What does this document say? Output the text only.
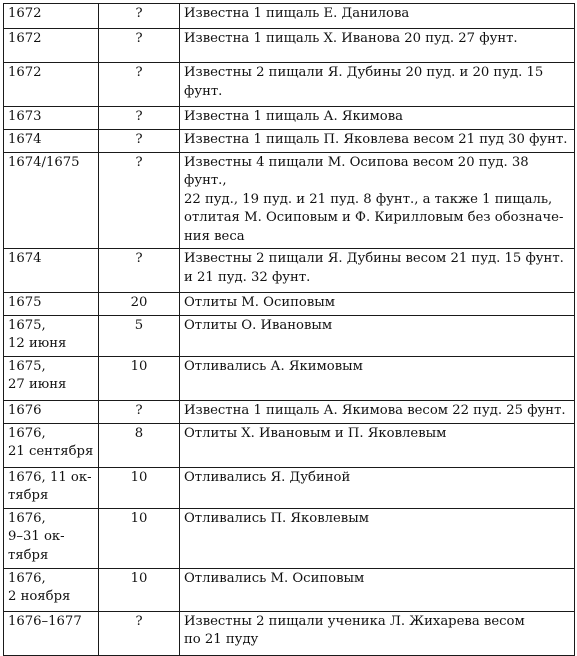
1672	?	Известна 1 пищаль Е. Данилова
1672	?	Известна 1 пищаль Х. Иванова 20 пуд. 27 фунт.
1672	?	Известны 2 пищали Я. Дубины 20 пуд. и 20 пуд. 15
фунт.
1673	?	Известна 1 пищаль А. Якимова
1674	?	Известна 1 пищаль П. Яковлева весом 21 пуд 30 фунт.
1674/1675	?	Известны 4 пищали М. Осипова весом 20 пуд. 38 фунт.,
22 пуд., 19 пуд. и 21 пуд. 8 фунт., а также 1 пищаль,
отлитая М. Осиповым и Ф. Кирилловым без обозначе-
ния веса
1674	?	Известны 2 пищали Я. Дубины весом 21 пуд. 15 фунт.
и 21 пуд. 32 фунт.
1675	20	Отлиты М. Осиповым
1675,
12 июня	5	Отлиты О. Ивановым
1675,
27 июня	10	Отливались А. Якимовым
1676	?	Известна 1 пищаль А. Якимова весом 22 пуд. 25 фунт.
1676,
21 сентября	8	Отлиты Х. Ивановым и П. Яковлевым
1676, 11 ок-
тября	10	Отливались Я. Дубиной
1676,
9–31 ок-
тября	10	Отливались П. Яковлевым
1676,
2 ноября	10	Отливались М. Осиповым
1676–1677	?	Известны 2 пищали ученика Л. Жихарева весом
по 21 пуду
